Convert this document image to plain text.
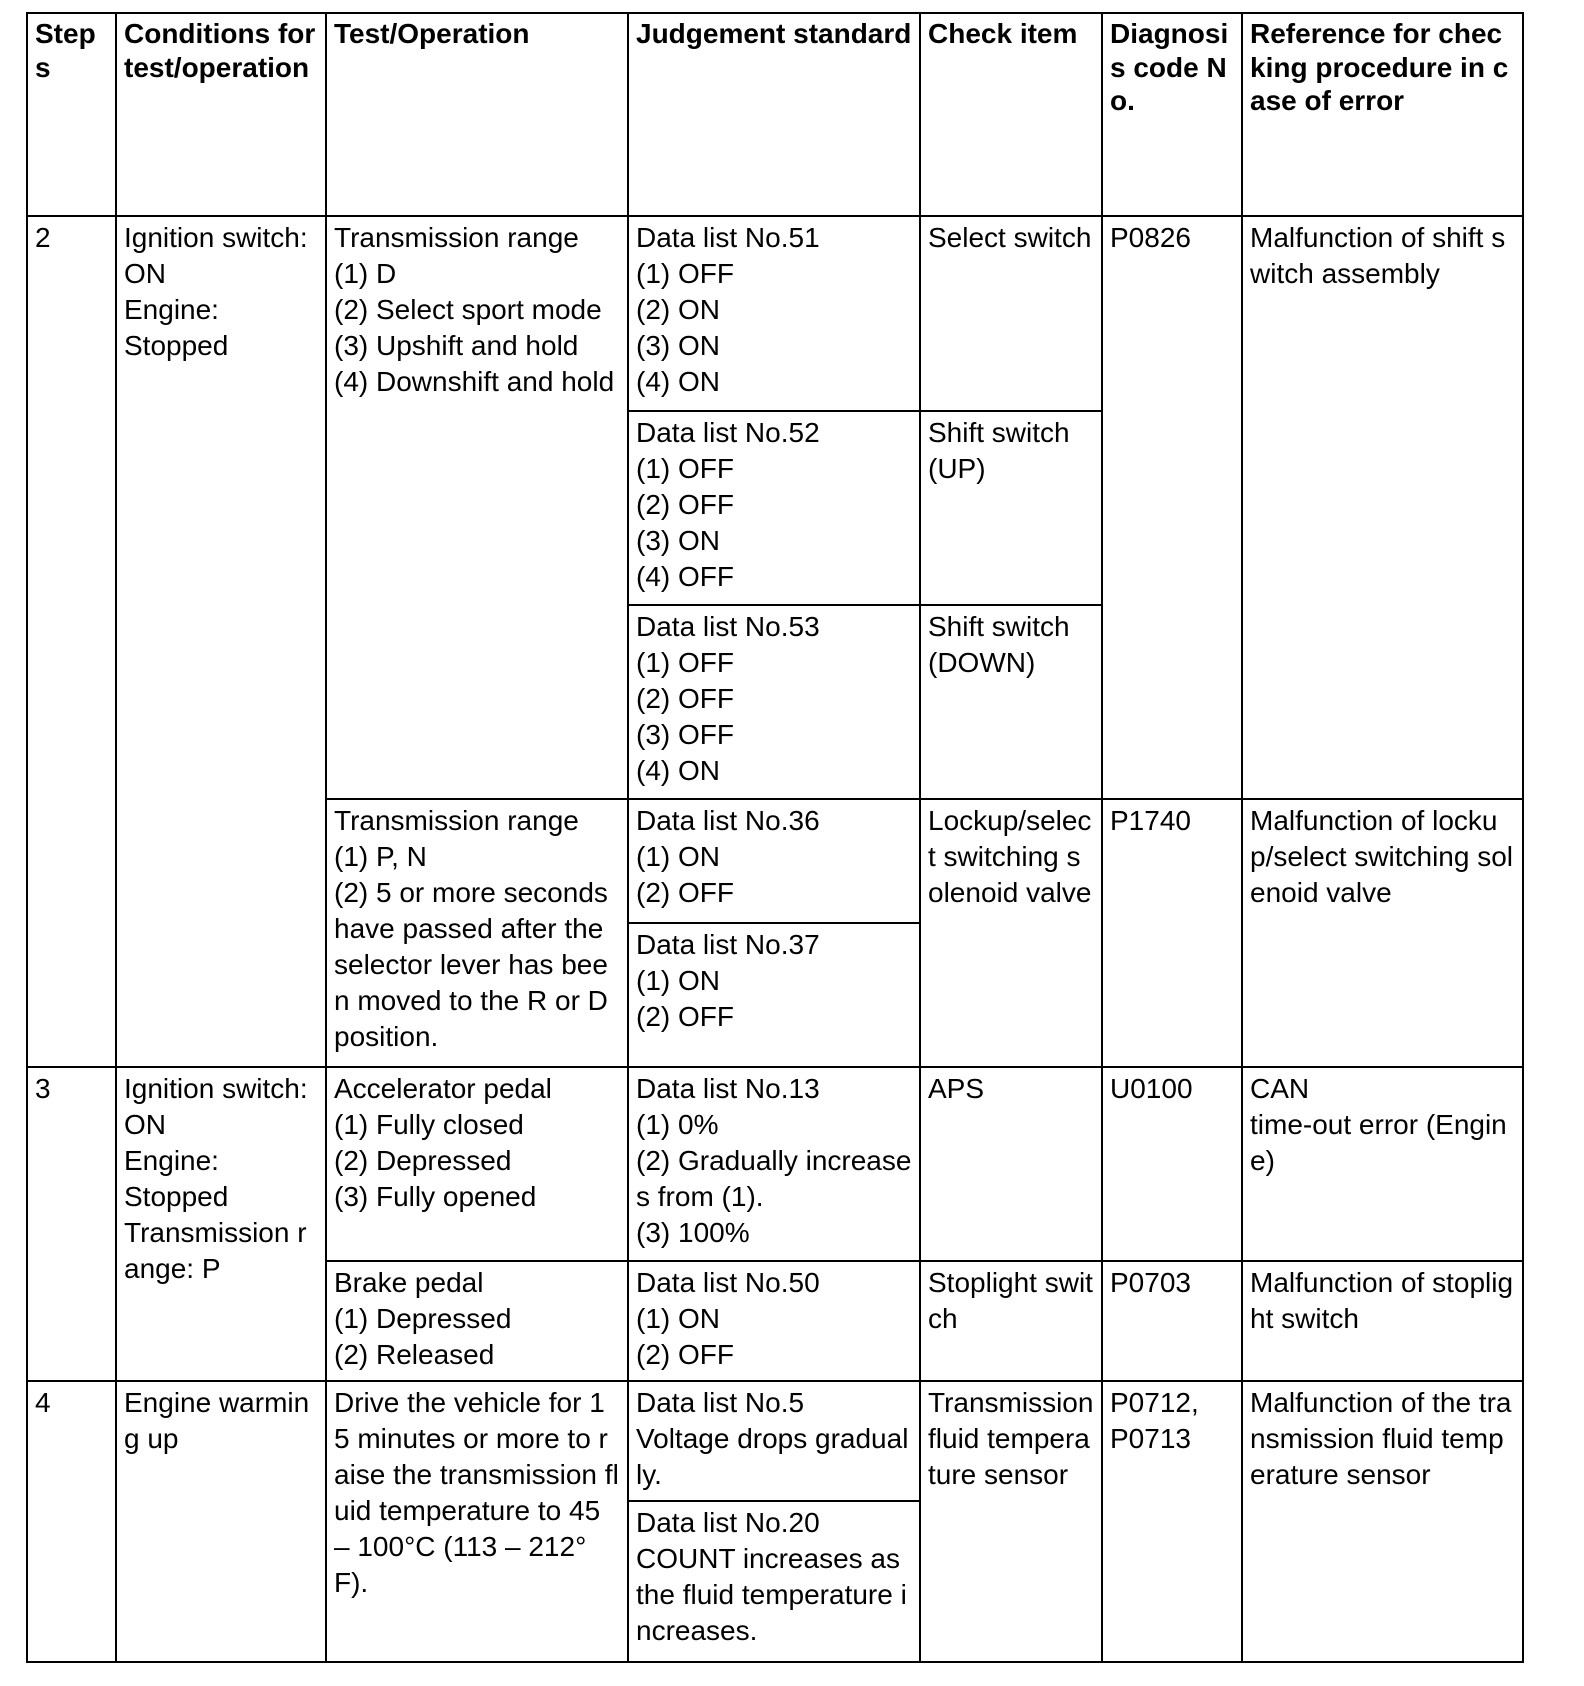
Steps	Conditions for test/operation	Test/Operation	Judgement standard	Check item	Diagnosis code No.	Reference for checking procedure in case of error
2	Ignition switch:
ON
Engine:
Stopped	Transmission range
(1) D
(2) Select sport mode
(3) Upshift and hold
(4) Downshift and hold	Data list No.51
(1) OFF
(2) ON
(3) ON
(4) ON	Select switch	P0826	Malfunction of shift switch assembly
			Data list No.52
(1) OFF
(2) OFF
(3) ON
(4) OFF	Shift switch (UP)		
			Data list No.53
(1) OFF
(2) OFF
(3) OFF
(4) ON	Shift switch (DOWN)		
		Transmission range
(1) P, N
(2) 5 or more seconds have passed after the selector lever has been moved to the R or D position.	Data list No.36
(1) ON
(2) OFF	Lockup/select switching solenoid valve	P1740	Malfunction of lockup/select switching solenoid valve
			Data list No.37
(1) ON
(2) OFF			
3	Ignition switch:
ON
Engine:
Stopped
Transmission range: P	Accelerator pedal
(1) Fully closed
(2) Depressed
(3) Fully opened	Data list No.13
(1) 0%
(2) Gradually increases from (1).
(3) 100%	APS	U0100	CAN
time-out error (Engine)
		Brake pedal
(1) Depressed
(2) Released	Data list No.50
(1) ON
(2) OFF	Stoplight switch	P0703	Malfunction of stoplight switch
4	Engine warming up	Drive the vehicle for 15 minutes or more to raise the transmission fluid temperature to 45 – 100°C (113 – 212°F).	Data list No.5
Voltage drops gradually.	Transmission fluid temperature sensor	P0712,
P0713	Malfunction of the transmission fluid temperature sensor
			Data list No.20
COUNT increases as the fluid temperature increases.			
